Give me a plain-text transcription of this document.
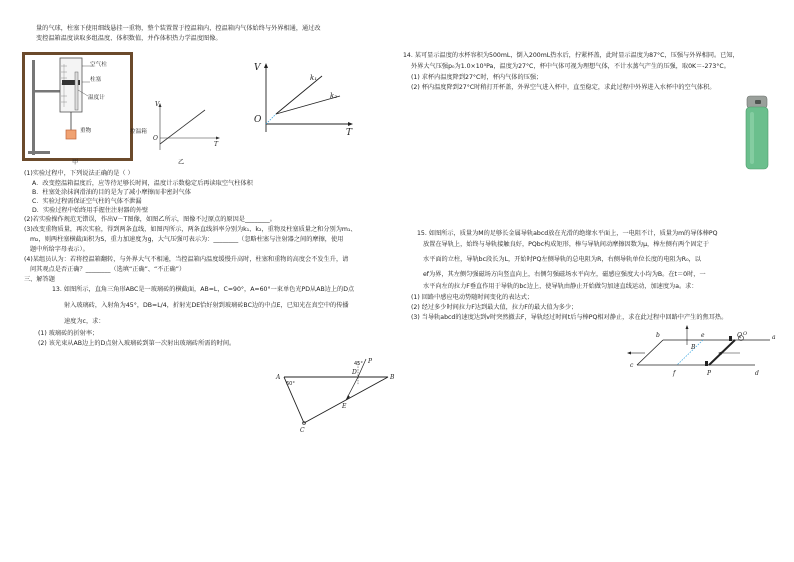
量的气球，柱塞下使用细线悬挂一重物，整个装置置于控温箱内，控温箱内气体始终与外界相通，通过改
变控温箱温度读取多组温度、体积数值，并作体积热力学温度图像。
空气柱
柱塞
温度计
重物	控温箱
甲
V
O
T
乙
V
O
T
k₁
k₂
(1)实验过程中，下列说法正确的是（ ）
A．改变控温箱温度后，应等待足够长时间，温度计示数稳定后再读取空气柱体积
B．柱塞处涂抹润滑油的目的是为了减小摩擦而非密封气体
C．实验过程需保证空气柱的气体不泄漏
D．实验过程中始终用手握住注射器的外壁
(2)若实验操作规范无错误，作出V－T图像，如图乙所示，图像不过原点的原因是________。
(3)改变重物质量，再次实验，得到两条直线，如图丙所示，两条直线斜率分别为k₁、k₂，重物及柱塞质量之和分别为m₁、
m₂，则两柱塞横截面积为S，重力加速度为g，大气压强可表示为：________（忽略柱塞与注射器之间的摩擦，使用
题中所给字母表示）。
(4)某组员认为：若将控温箱翻转，与外界大气不相通，当控温箱内温度缓慢升高时，柱塞和重物的高度会不发生升，请
问其观点是否正确？________（选填“正确”、“不正确”）
三、解答题
13. 如图所示，直角三角形ABC是一玻璃砖的横截面，AB=L，C=90°，A=60°一束单色光PD从AB边上的D点
射入玻璃砖，入射角为45°，DB=L/4，折射光DE恰好射到玻璃砖BC边的中点E，已知光在真空中的传播
速度为c，求：
(1) 玻璃砖的折射率；
(2) 该光束从AB边上的D点射入玻璃砖到第一次射出玻璃砖所需的时间。
P
A	B
C
D
E
45°
60°
14. 某可显示温度的水杯容积为500mL，倒入200mL热水后，拧紧杯盖，此时显示温度为87°C，压强与外界相同。已知，
外界大气压强p₀为1.0×10⁵Pa，温度为27°C，杯中气体可视为理想气体，不计水蒸气产生的压强，取0K＝-273°C。
(1) 求杯内温度降到27°C时，杯内气体的压强；
(2) 杯内温度降到27°C时稍打开杯盖，外界空气进入杯中，直至稳定，求此过程中外界进入水杯中的空气体积。
15. 如图所示，质量为M的足够长金属导轨abcd放在光滑的绝缘水平面上，一电阻不计，质量为m的导体棒PQ
放置在导轨上，始终与导轨接触良好，PQbc构成矩形，棒与导轨间动摩擦因数为μ，棒左侧有两个固定于
水平面的立柱，导轨bc段长为L，开始时PQ左侧导轨的总电阻为R，右侧导轨单位长度的电阻为R₀，以
ef为界，其左侧匀强磁场方向竖直向上，右侧匀强磁场水平向左，磁感应强度大小均为B。在t＝0时，一
水平向左的拉力F垂直作用于导轨的bc边上，使导轨由静止开始做匀加速直线运动，加速度为a。求：
(1) 回路中感应电动势随时间变化的表达式；
(2) 经过多少时间拉力F达到最大值，拉力F的最大值为多少；
(3) 当导轨abcd的速度达到v时突然撤去F，导轨经过时间t后与棒PQ相对静止，求在此过程中回路中产生的焦耳热。
a
b
c
d
e
f	P
Q
B
O
